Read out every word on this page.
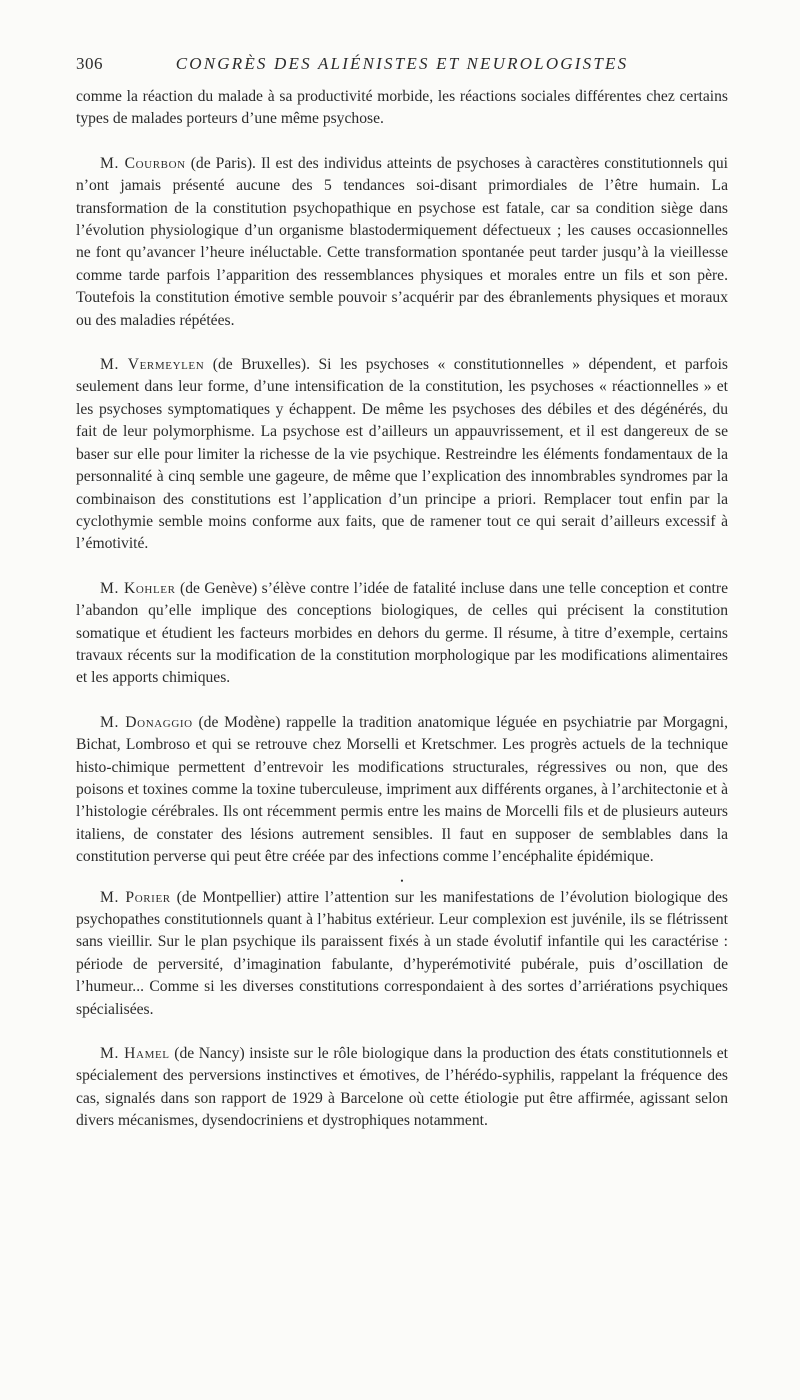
306	CONGRÈS DES ALIÉNISTES ET NEUROLOGISTES

comme la réaction du malade à sa productivité morbide, les réactions sociales différentes chez certains types de malades porteurs d’une même psychose.

M. Courbon (de Paris). Il est des individus atteints de psychoses à caractères constitutionnels qui n’ont jamais présenté aucune des 5 tendances soi-disant primordiales de l’être humain. La transformation de la constitution psychopathique en psychose est fatale, car sa condition siège dans l’évolution physiologique d’un organisme blastodermiquement défectueux ; les causes occasionnelles ne font qu’avancer l’heure inéluctable. Cette transformation spontanée peut tarder jusqu’à la vieillesse comme tarde parfois l’apparition des ressemblances physiques et morales entre un fils et son père. Toutefois la constitution émotive semble pouvoir s’acquérir par des ébranlements physiques et moraux ou des maladies répétées.

M. Vermeylen (de Bruxelles). Si les psychoses « constitutionnelles » dépendent, et parfois seulement dans leur forme, d’une intensification de la constitution, les psychoses « réactionnelles » et les psychoses symptomatiques y échappent. De même les psychoses des débiles et des dégénérés, du fait de leur polymorphisme. La psychose est d’ailleurs un appauvrissement, et il est dangereux de se baser sur elle pour limiter la richesse de la vie psychique. Restreindre les éléments fondamentaux de la personnalité à cinq semble une gageure, de même que l’explication des innombrables syndromes par la combinaison des constitutions est l’application d’un principe a priori. Remplacer tout enfin par la cyclothymie semble moins conforme aux faits, que de ramener tout ce qui serait d’ailleurs excessif à l’émotivité.

M. Kohler (de Genève) s’élève contre l’idée de fatalité incluse dans une telle conception et contre l’abandon qu’elle implique des conceptions biologiques, de celles qui précisent la constitution somatique et étudient les facteurs morbides en dehors du germe. Il résume, à titre d’exemple, certains travaux récents sur la modification de la constitution morphologique par les modifications alimentaires et les apports chimiques.

M. Donaggio (de Modène) rappelle la tradition anatomique léguée en psychiatrie par Morgagni, Bichat, Lombroso et qui se retrouve chez Morselli et Kretschmer. Les progrès actuels de la technique histo-chimique permettent d’entrevoir les modifications structurales, régressives ou non, que des poisons et toxines comme la toxine tuberculeuse, impriment aux différents organes, à l’architectonie et à l’histologie cérébrales. Ils ont récemment permis entre les mains de Morcelli fils et de plusieurs auteurs italiens, de constater des lésions autrement sensibles. Il faut en supposer de semblables dans la constitution perverse qui peut être créée par des infections comme l’encéphalite épidémique.

•

M. Porier (de Montpellier) attire l’attention sur les manifestations de l’évolution biologique des psychopathes constitutionnels quant à l’habitus extérieur. Leur complexion est juvénile, ils se flétrissent sans vieillir. Sur le plan psychique ils paraissent fixés à un stade évolutif infantile qui les caractérise : période de perversité, d’imagination fabulante, d’hyperémotivité pubérale, puis d’oscillation de l’humeur... Comme si les diverses constitutions correspondaient à des sortes d’arriérations psychiques spécialisées.

M. Hamel (de Nancy) insiste sur le rôle biologique dans la production des états constitutionnels et spécialement des perversions instinctives et émotives, de l’hérédo-syphilis, rappelant la fréquence des cas, signalés dans son rapport de 1929 à Barcelone où cette étiologie put être affirmée, agissant selon divers mécanismes, dysendocriniens et dystrophiques notamment.
